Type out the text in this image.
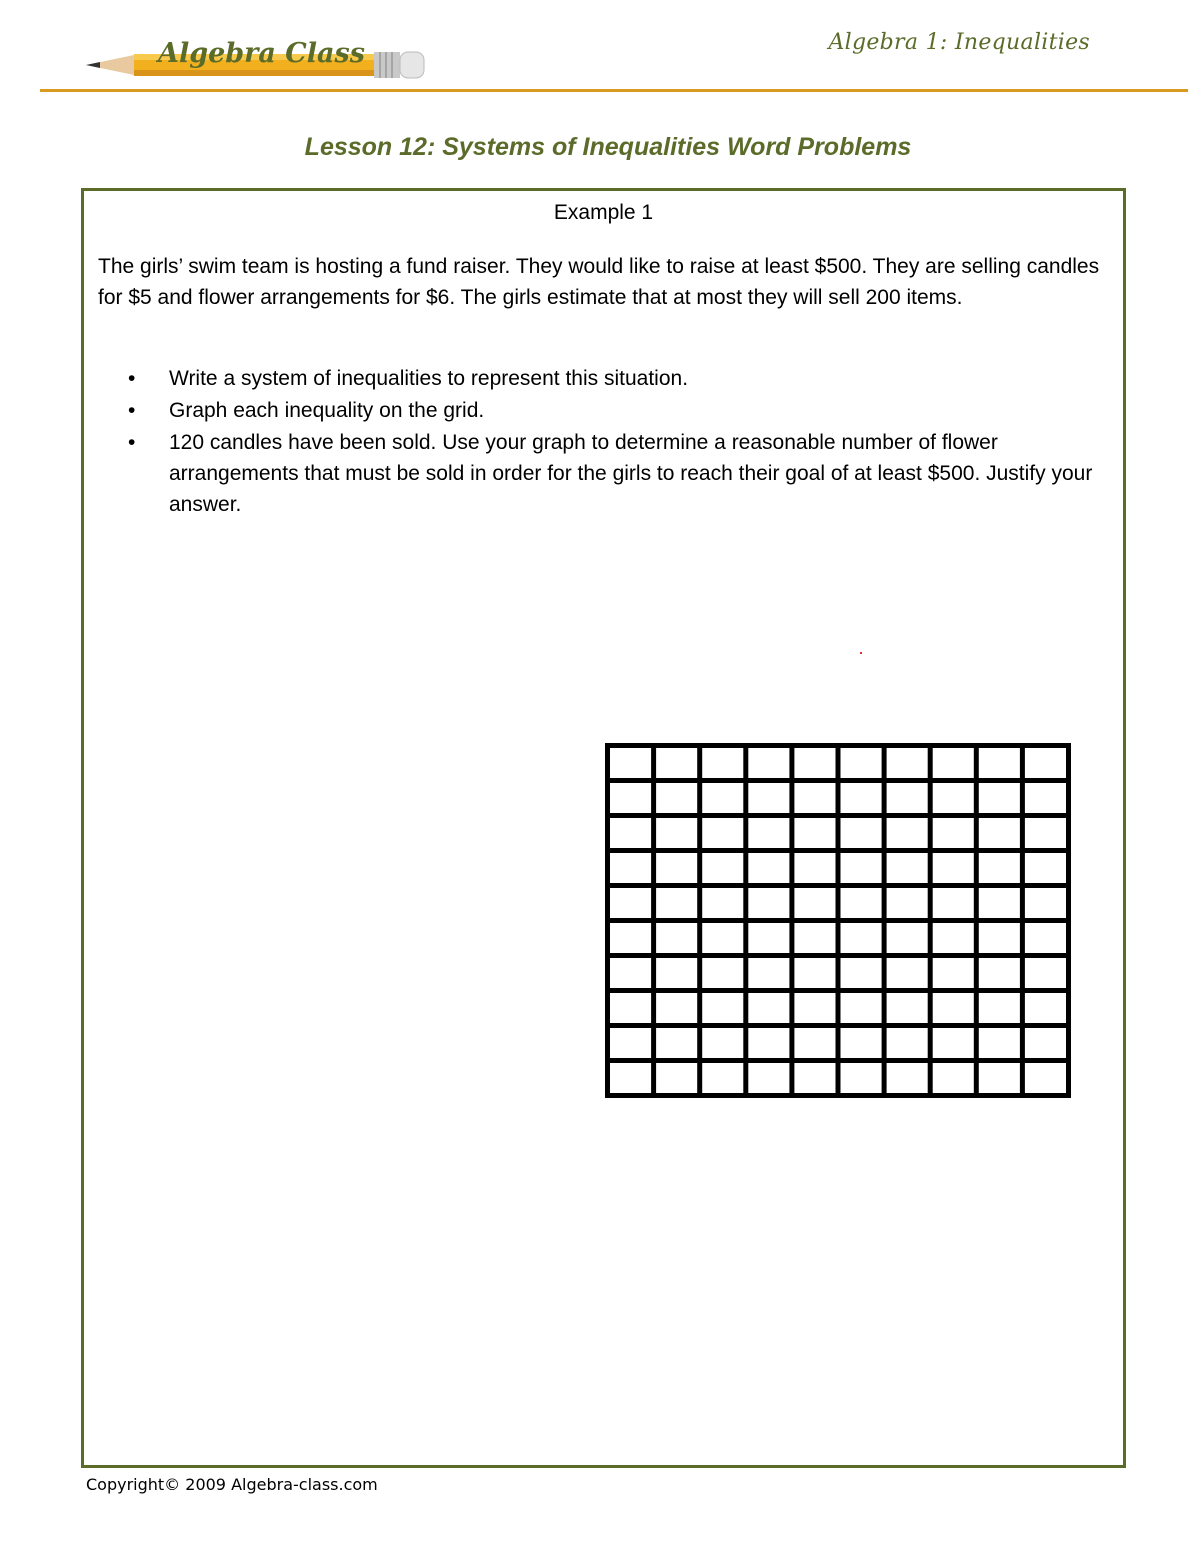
Algebra Class	Algebra 1: Inequalities
Lesson 12: Systems of Inequalities Word Problems
Example 1

The girls’ swim team is hosting a fund raiser. They would like to raise at least $500. They are selling candles for $5 and flower arrangements for $6. The girls estimate that at most they will sell 200 items.

• Write a system of inequalities to represent this situation.
• Graph each inequality on the grid.
• 120 candles have been sold. Use your graph to determine a reasonable number of flower arrangements that must be sold in order for the girls to reach their goal of at least $500. Justify your answer.
Copyright© 2009 Algebra-class.com
